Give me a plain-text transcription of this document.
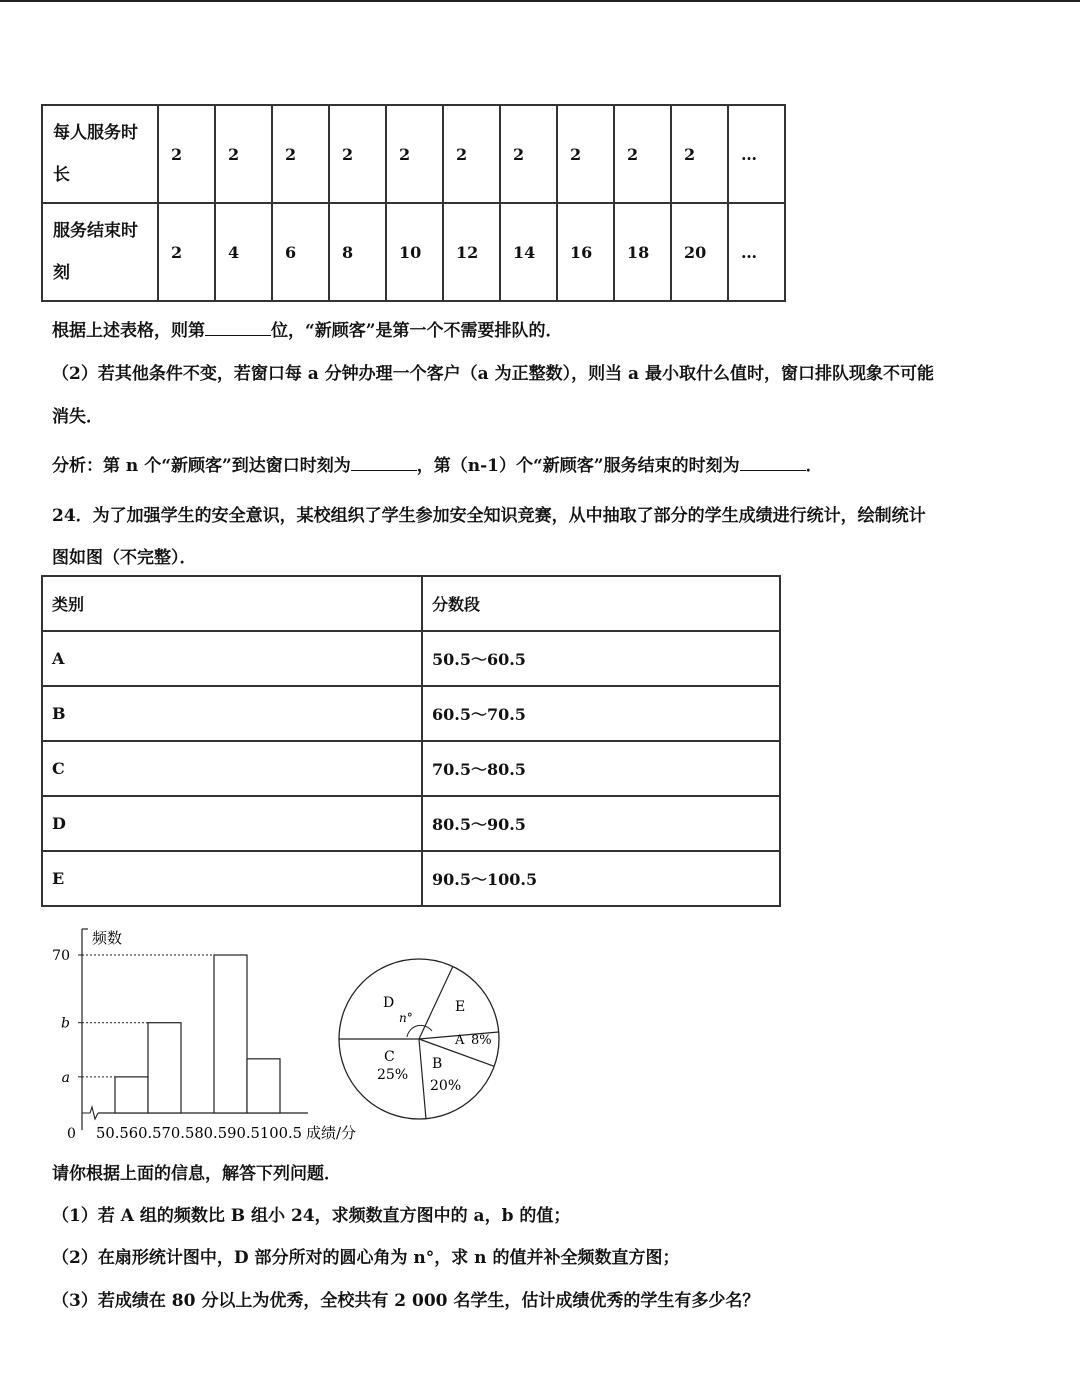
每人服务时
长	2	2	2	2	2	2	2	2	2	2	…
服务结束时
刻	2	4	6	8	10	12	14	16	18	20	…
根据上述表格，则第	位，“新顾客”是第一个不需要排队的．
（2）若其他条件不变，若窗口每 a 分钟办理一个客户（a 为正整数），则当 a 最小取什么值时，窗口排队现象不可能
消失．
分析：第 n 个“新顾客”到达窗口时刻为	，第（n-1）个“新顾客”服务结束的时刻为	．
24．为了加强学生的安全意识，某校组织了学生参加安全知识竞赛，从中抽取了部分的学生成绩进行统计，绘制统计
图如图（不完整）．
类别	分数段
A	50.5～60.5
B	60.5～70.5
C	70.5～80.5
D	80.5～90.5
E	90.5～100.5
频数
成绩/分
0
a
b
70
50.560.570.580.590.5100.5
D
n°
E
A 8%
B
20%
C
25%
请你根据上面的信息，解答下列问题．
（1）若 A 组的频数比 B 组小 24，求频数直方图中的 a，b 的值；
（2）在扇形统计图中，D 部分所对的圆心角为 n°，求 n 的值并补全频数直方图；
（3）若成绩在 80 分以上为优秀，全校共有 2 000 名学生，估计成绩优秀的学生有多少名？
